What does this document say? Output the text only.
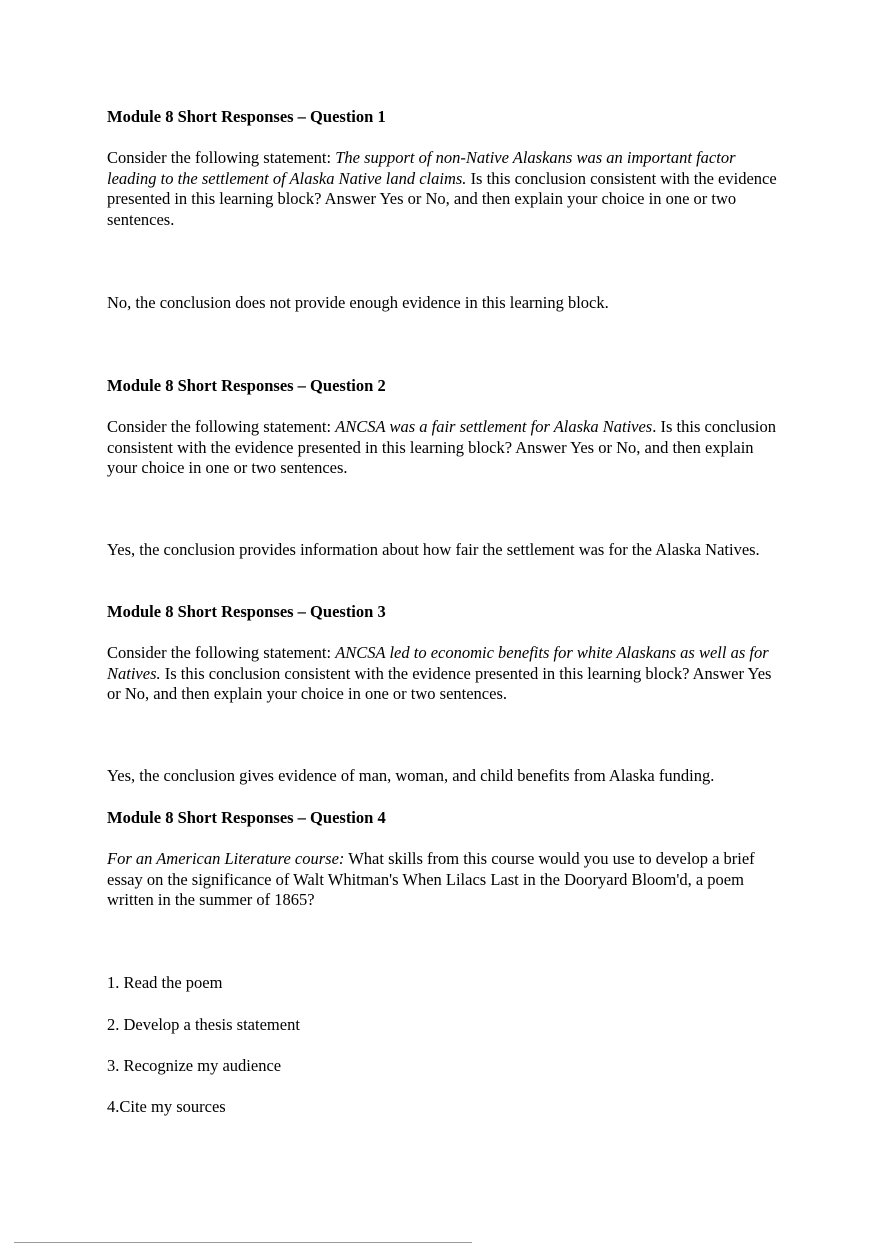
Module 8 Short Responses – Question 1

Consider the following statement: The support of non-Native Alaskans was an important factor leading to the settlement of Alaska Native land claims. Is this conclusion consistent with the evidence presented in this learning block? Answer Yes or No, and then explain your choice in one or two sentences.

No, the conclusion does not provide enough evidence in this learning block.

Module 8 Short Responses – Question 2

Consider the following statement: ANCSA was a fair settlement for Alaska Natives. Is this conclusion consistent with the evidence presented in this learning block? Answer Yes or No, and then explain your choice in one or two sentences.

Yes, the conclusion provides information about how fair the settlement was for the Alaska Natives.

Module 8 Short Responses – Question 3

Consider the following statement: ANCSA led to economic benefits for white Alaskans as well as for Natives. Is this conclusion consistent with the evidence presented in this learning block? Answer Yes or No, and then explain your choice in one or two sentences.

Yes, the conclusion gives evidence of man, woman, and child benefits from Alaska funding.

Module 8 Short Responses – Question 4

For an American Literature course: What skills from this course would you use to develop a brief essay on the significance of Walt Whitman's When Lilacs Last in the Dooryard Bloom'd, a poem written in the summer of 1865?

1. Read the poem

2. Develop a thesis statement

3. Recognize my audience

4.Cite my sources
